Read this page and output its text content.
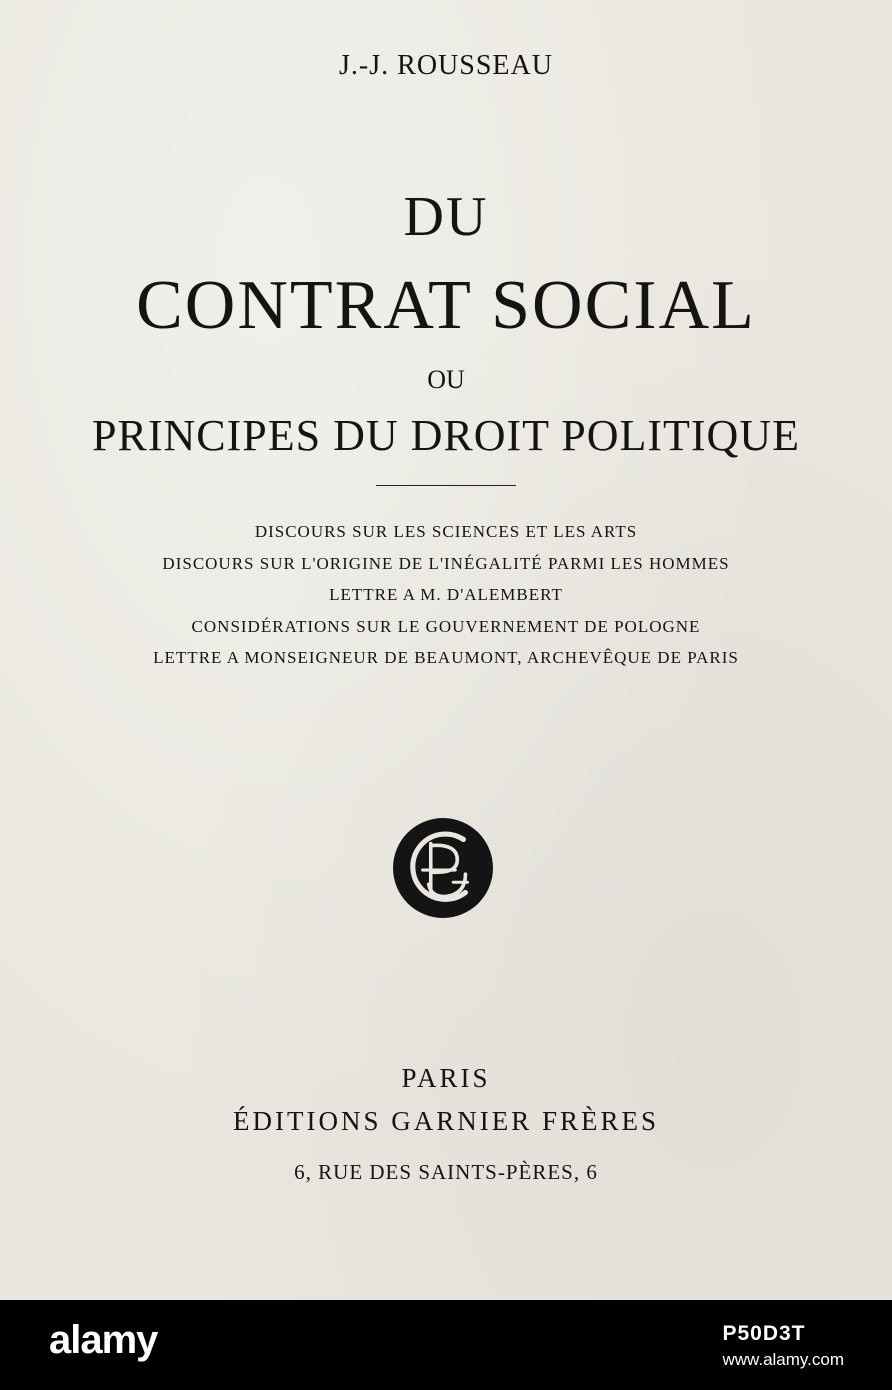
J.-J. ROUSSEAU
DU
CONTRAT SOCIAL
OU
PRINCIPES DU DROIT POLITIQUE
DISCOURS SUR LES SCIENCES ET LES ARTS
DISCOURS SUR L'ORIGINE DE L'INÉGALITÉ PARMI LES HOMMES
LETTRE A M. D'ALEMBERT
CONSIDÉRATIONS SUR LE GOUVERNEMENT DE POLOGNE
LETTRE A MONSEIGNEUR DE BEAUMONT, ARCHEVÊQUE DE PARIS
PARIS
ÉDITIONS GARNIER FRÈRES
6, RUE DES SAINTS-PÈRES, 6
alamy	P50D3T
www.alamy.com
